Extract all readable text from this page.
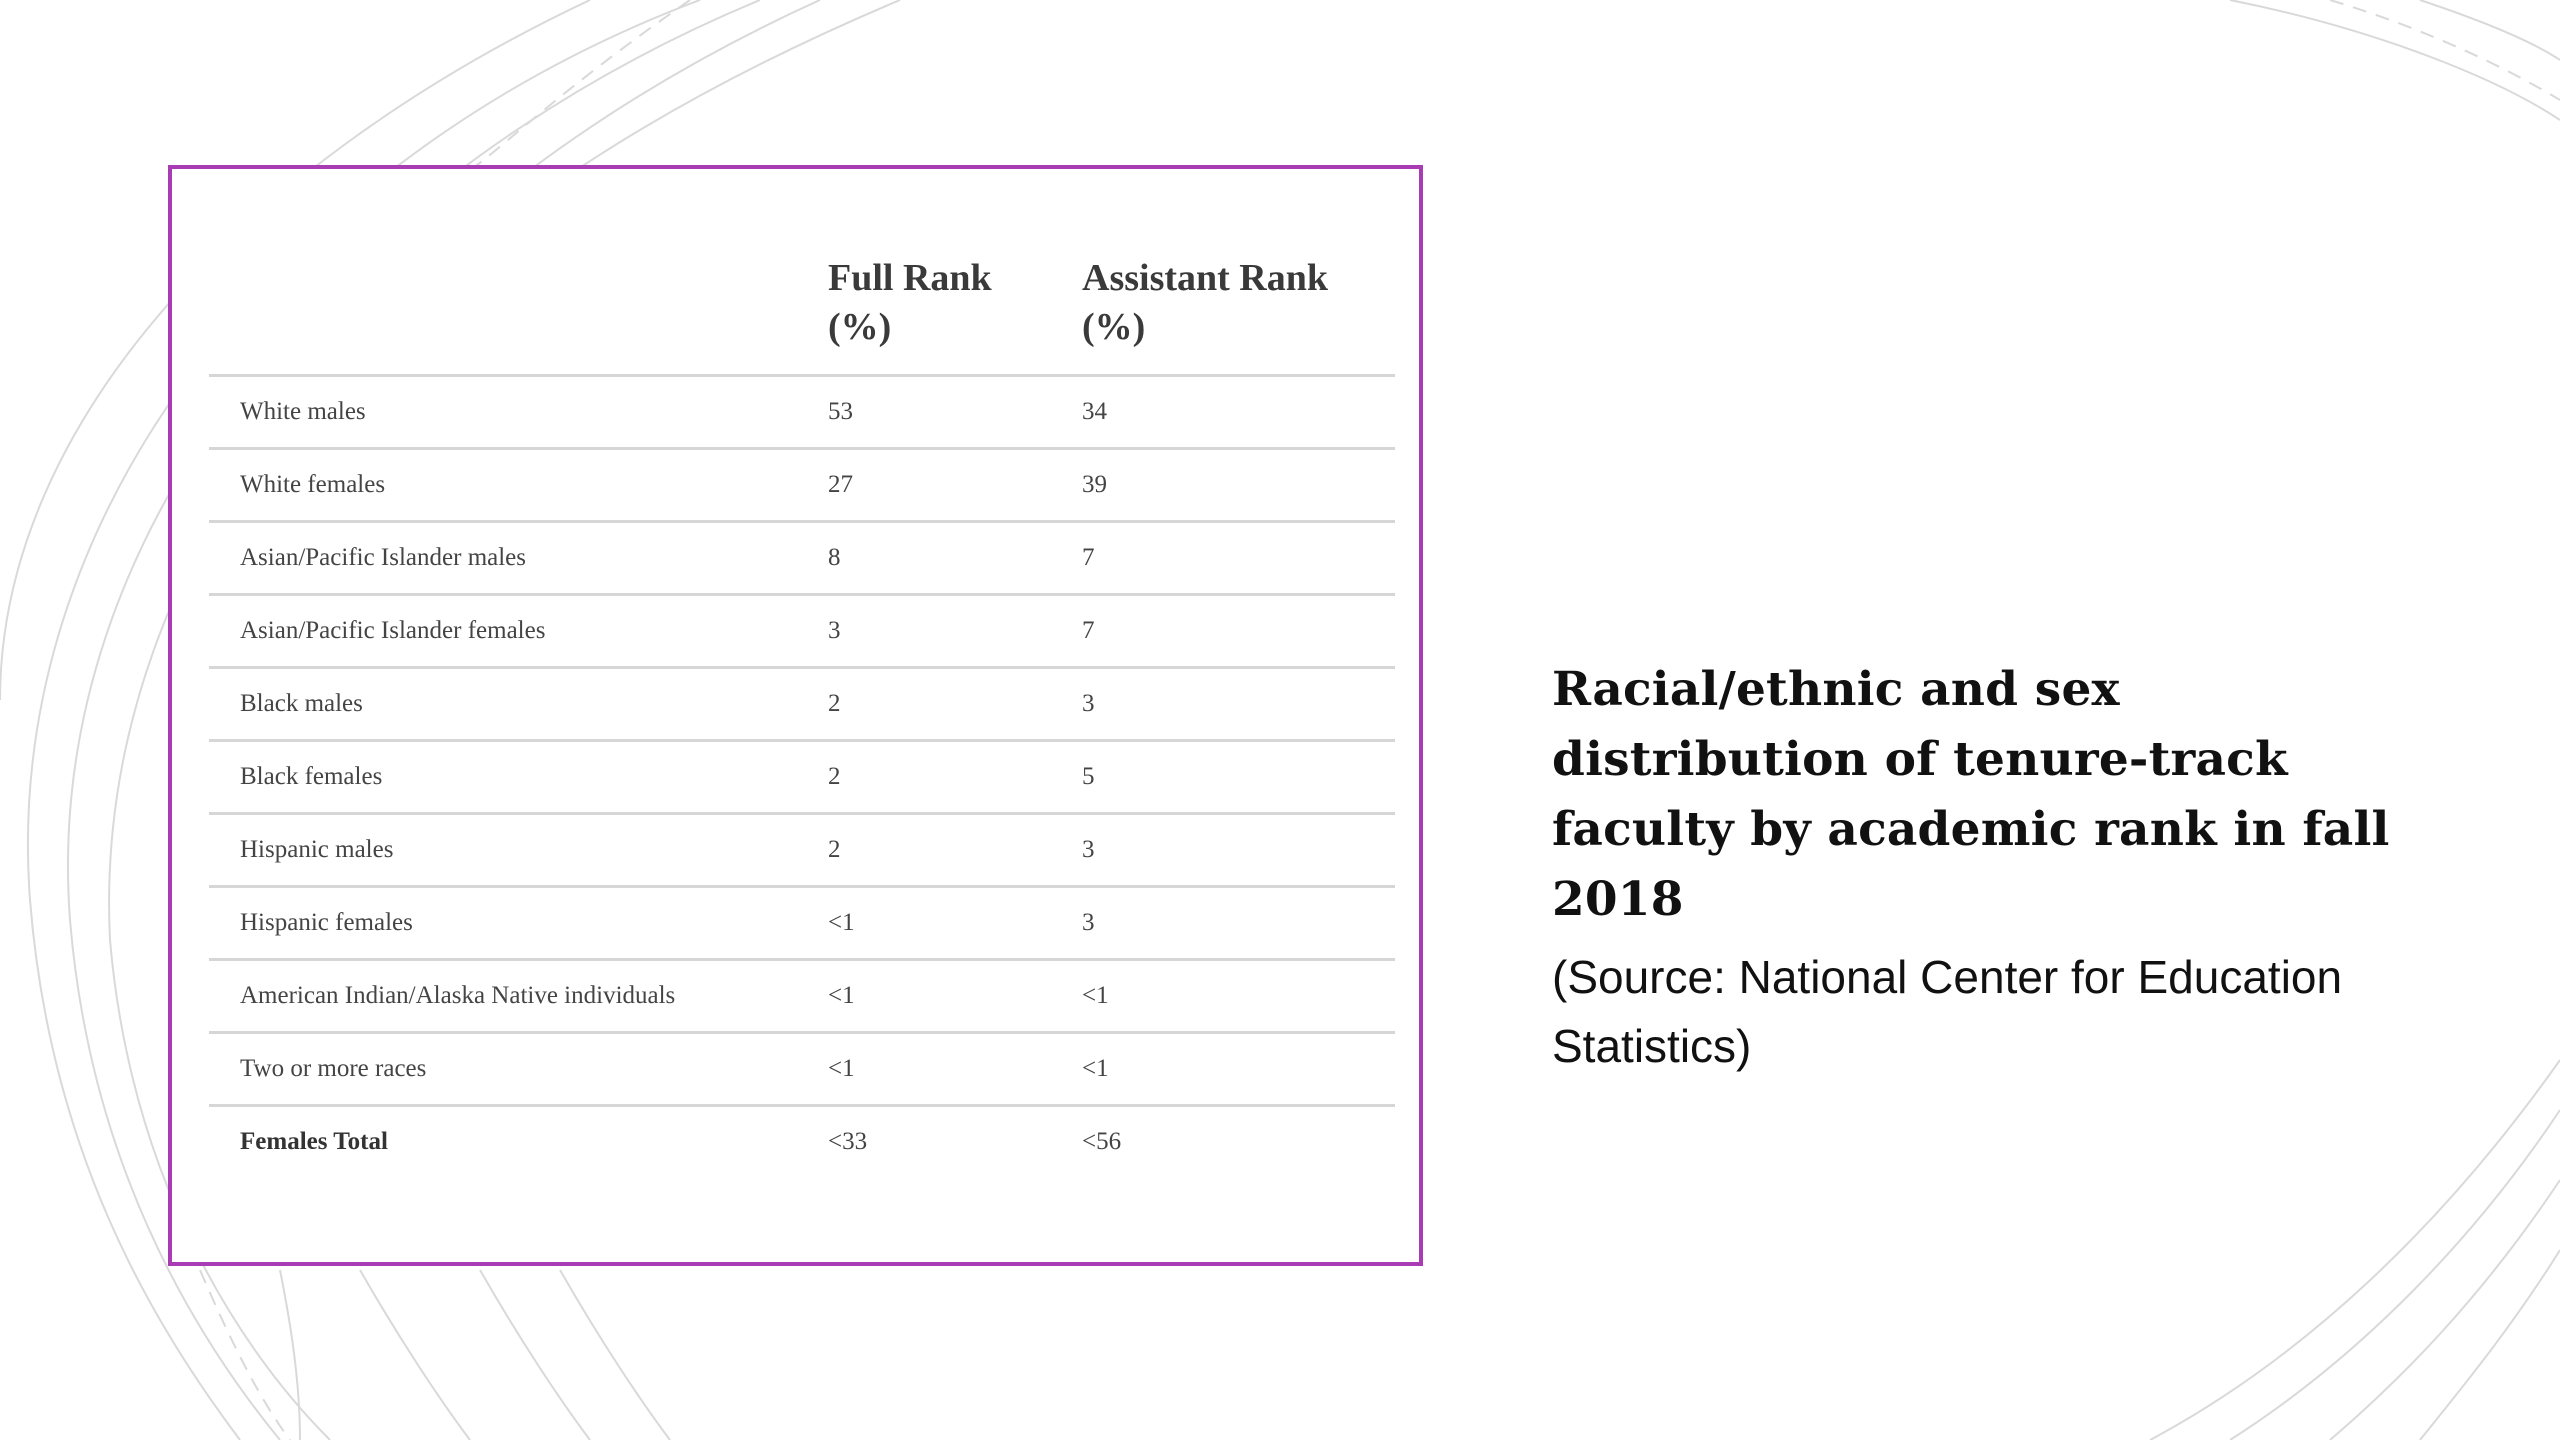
	Full Rank (%)	Assistant Rank (%)

White males	53	34
White females	27	39
Asian/Pacific Islander males	8	7
Asian/Pacific Islander females	3	7
Black males	2	3
Black females	2	5
Hispanic males	2	3
Hispanic females	<1	3
American Indian/Alaska Native individuals	<1	<1
Two or more races	<1	<1
Females Total	<33	<56

Racial/ethnic and sex distribution of tenure-track faculty by academic rank in fall 2018

(Source: National Center for Education Statistics)
